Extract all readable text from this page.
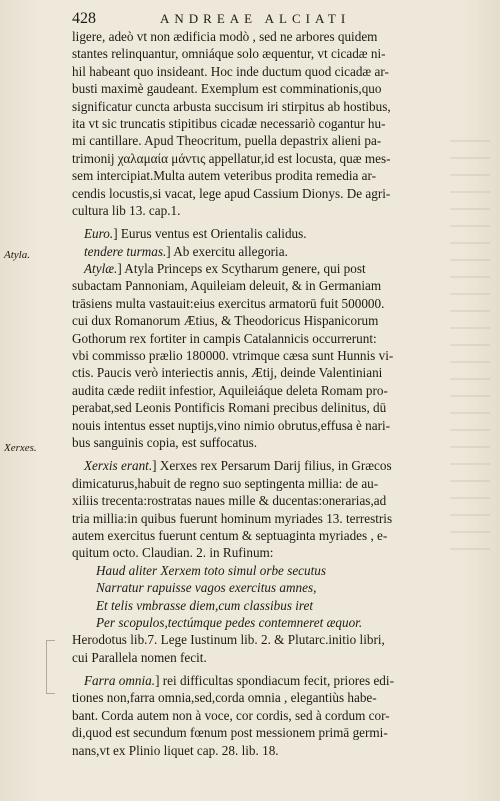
428	ANDREAE ALCIATI
Atyla.
Xerxes.
ligere, adeò vt non ædificia modò , sed ne arbores quidem
stantes relinquantur, omniáque solo æquentur, vt cicadæ ni-
hil habeant quo insideant. Hoc inde ductum quod cicadæ ar-
busti maximè gaudeant. Exemplum est comminationis,quo
significatur cuncta arbusta succisum iri stirpitus ab hostibus,
ita vt sic truncatis stipitibus cicadæ necessariò cogantur hu-
mi cantillare. Apud Theocritum, puella depastrix alieni pa-
trimonij χαλαμαία μάντις appellatur,id est locusta, quæ mes-
sem intercipiat.Multa autem veteribus prodita remedia ar-
cendis locustis,si vacat, lege apud Cassium Dionys. De agri-
cultura lib 13. cap.1.
Euro.] Eurus ventus est Orientalis calidus.
tendere turmas.] Ab exercitu allegoria.
Atylæ.] Atyla Princeps ex Scytharum genere, qui post
subactam Pannoniam, Aquileiam deleuit, & in Germaniam
trāsiens multa vastauit:eius exercitus armatorū fuit 500000.
cui dux Romanorum Ætius, & Theodoricus Hispanicorum
Gothorum rex fortiter in campis Catalannicis occurrerunt:
vbi commisso prælio 180000. vtrimque cæsa sunt Hunnis vi-
ctis. Paucis verò interiectis annis, Ætij, deinde Valentiniani
audita cæde rediit infestior, Aquileiáque deleta Romam pro-
perabat,sed Leonis Pontificis Romani precibus delinitus, dū
nouis intentus esset nuptijs,vino nimio obrutus,effusa è nari-
bus sanguinis copia, est suffocatus.
Xerxis erant.] Xerxes rex Persarum Darij filius, in Græcos
dimicaturus,habuit de regno suo septingenta millia: de au-
xiliis trecenta:rostratas naues mille & ducentas:onerarias,ad
tria millia:in quibus fuerunt hominum myriades 13. terrestris
autem exercitus fuerunt centum & septuaginta myriades , e-
quitum octo. Claudian. 2. in Rufinum:
Haud aliter Xerxem toto simul orbe secutus
Narratur rapuisse vagos exercitus amnes,
Et telis vmbrasse diem,cum classibus iret
Per scopulos,tectúmque pedes contemneret æquor.
Herodotus lib.7. Lege Iustinum lib. 2. & Plutarc.initio libri,
cui Parallela nomen fecit.
Farra omnia.] rei difficultas spondiacum fecit, priores edi-
tiones non,farra omnia,sed,corda omnia , elegantiùs habe-
bant. Corda autem non à voce, cor cordis, sed à cordum cor-
di,quod est secundum fœnum post messionem primā germi-
nans,vt ex Plinio liquet cap. 28. lib. 18.
